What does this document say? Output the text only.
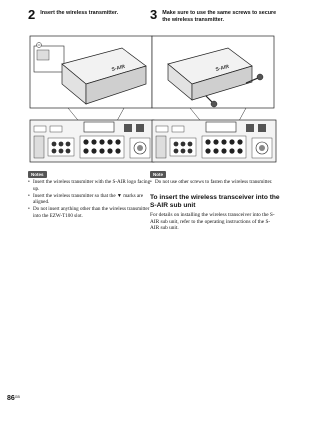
2 Insert the wireless transmitter.
S-AIR
Notes
• Insert the wireless transmitter with the S-AIR logo facing up.
• Insert the wireless transmitter so that the ▼ marks are aligned.
• Do not insert anything other than the wireless transmitter into the EZW-T100 slot.
3 Make sure to use the same screws to secure the wireless transmitter.
S-AIR
Note
• Do not use other screws to fasten the wireless transmitter.
To insert the wireless transceiver into the S-AIR sub unit

For details on installing the wireless transceiver into the S-AIR sub unit, refer to the operating instructions of the S-AIR sub unit.

$86^{GB}$
